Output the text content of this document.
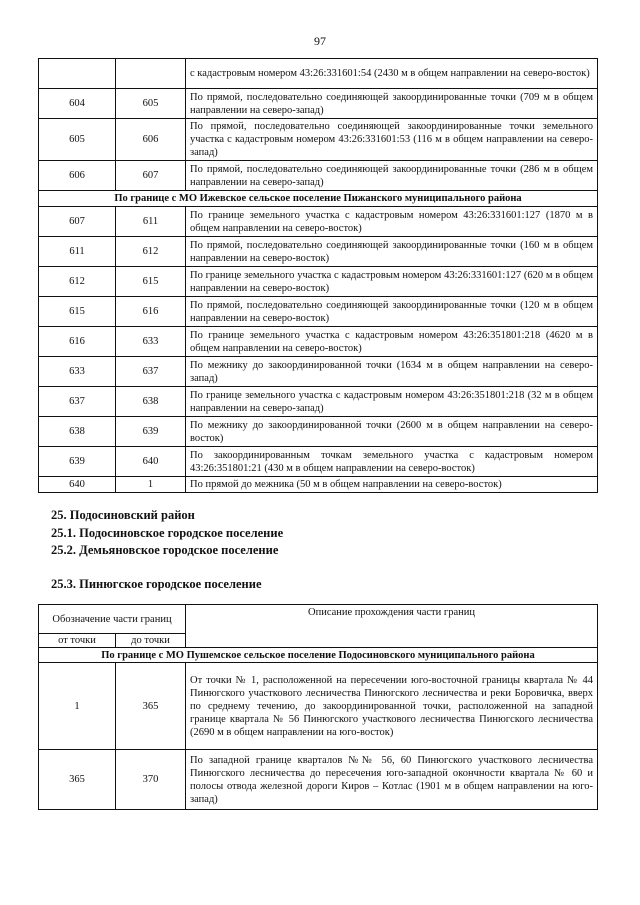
97
		с кадастровым номером 43:26:331601:54 (2430 м в общем направлении на северо-восток)
604	605	По прямой, последовательно соединяющей закоординированные точки (709 м в общем направлении на северо-запад)
605	606	По прямой, последовательно соединяющей закоординированные точки земельного участка с кадастровым номером 43:26:331601:53 (116 м в общем направлении на северо-запад)
606	607	По прямой, последовательно соединяющей закоординированные точки (286 м в общем направлении на северо-запад)
По границе с МО Ижевское сельское поселение Пижанского муниципального района		
607	611	По границе земельного участка с кадастровым номером 43:26:331601:127 (1870 м в общем направлении на северо-восток)
611	612	По прямой, последовательно соединяющей закоординированные точки (160 м в общем направлении на северо-восток)
612	615	По границе земельного участка с кадастровым номером 43:26:331601:127 (620 м в общем направлении на северо-восток)
615	616	По прямой, последовательно соединяющей закоординированные точки (120 м в общем направлении на северо-восток)
616	633	По границе земельного участка с кадастровым номером 43:26:351801:218 (4620 м в общем направлении на северо-восток)
633	637	По межнику до закоординированной точки (1634 м в общем направлении на северо-запад)
637	638	По границе земельного участка с кадастровым номером 43:26:351801:218 (32 м в общем направлении на северо-запад)
638	639	По межнику до закоординированной точки (2600 м в общем направлении на северо-восток)
639	640	По закоординированным точкам земельного участка с кадастровым номером 43:26:351801:21 (430 м в общем направлении на северо-восток)
640	1	По прямой до межника (50 м в общем направлении на северо-восток)
25. Подосиновский район
25.1. Подосиновское городское поселение
25.2. Демьяновское городское поселение
25.3. Пинюгское городское поселение
Обозначение части границ		Описание прохождения части границ
от точки	до точки	
По границе с МО Пушемское сельское поселение Подосиновского муниципального района		
1	365	От точки № 1, расположенной на пересечении юго-восточной границы квартала № 44 Пинюгского участкового лесничества Пинюгского лесничества и реки Боровичка, вверх по среднему течению, до закоординированной точки, расположенной на западной границе квартала № 56 Пинюгского участкового лесничества Пинюгского лесничества (2690 м в общем направлении на юго-восток)
365	370	По западной границе кварталов №№ 56, 60 Пинюгского участкового лесничества Пинюгского лесничества до пересечения юго-западной окончности квартала № 60 и полосы отвода железной дороги Киров – Котлас (1901 м в общем направлении на юго-запад)
